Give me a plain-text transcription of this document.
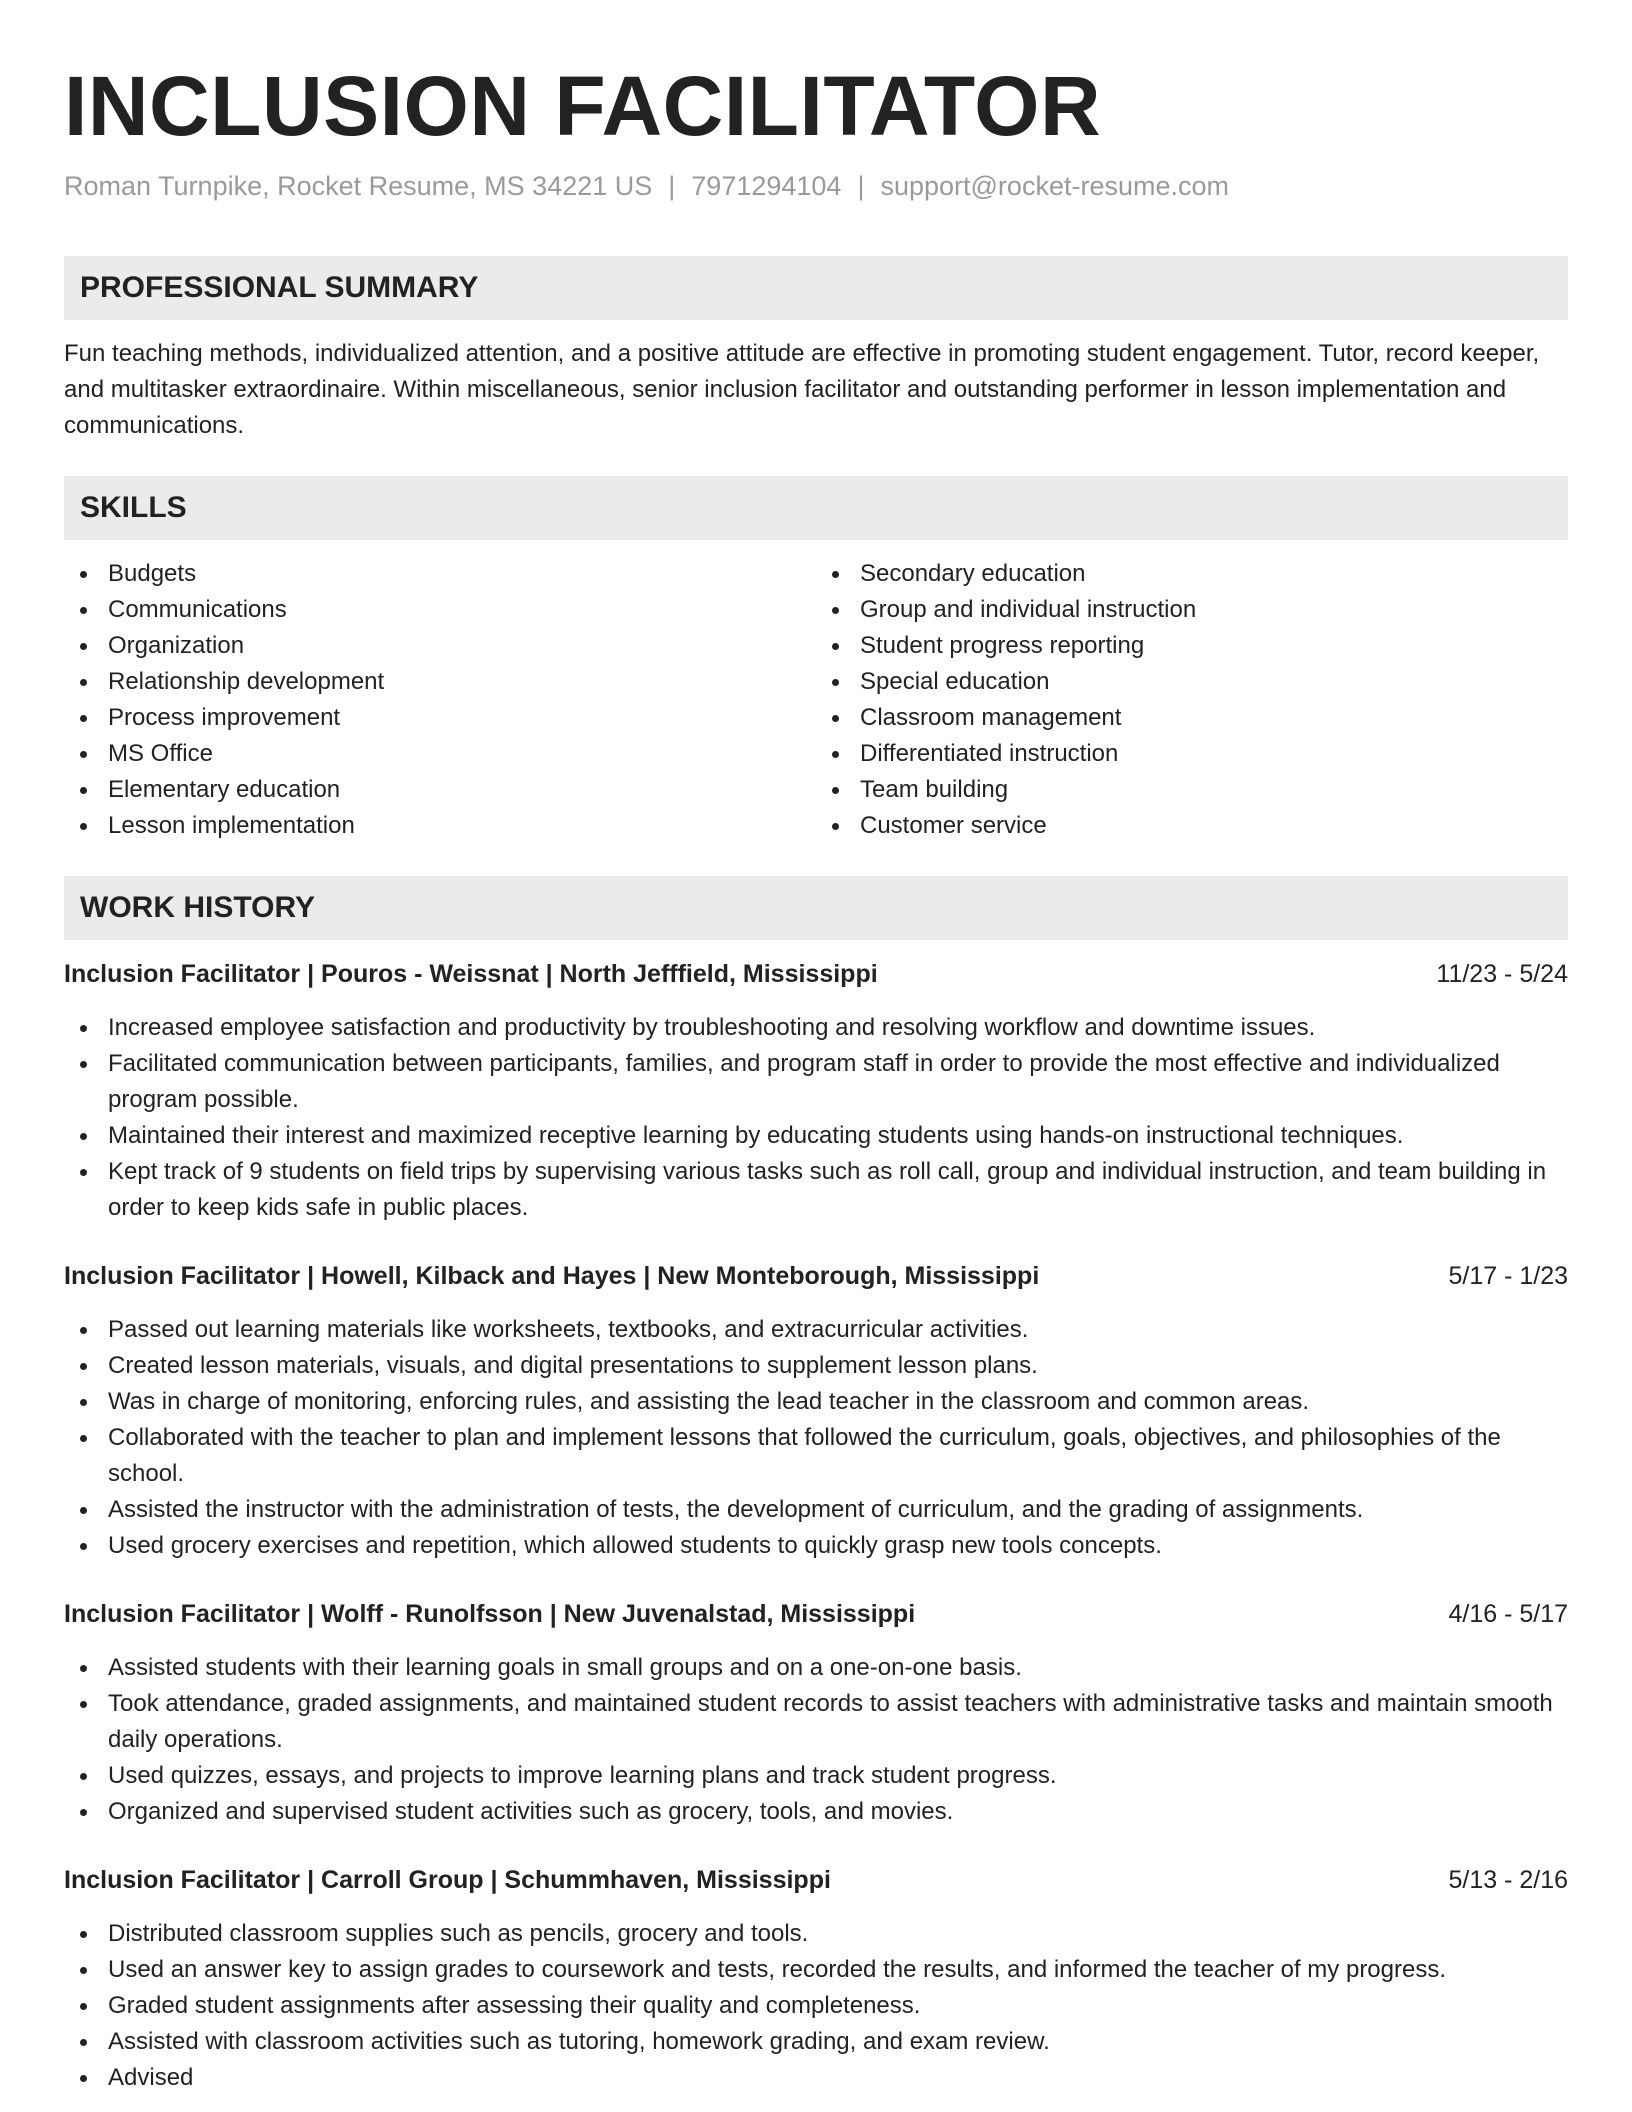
INCLUSION FACILITATOR
Roman Turnpike, Rocket Resume, MS 34221 US | 7971294104 | support@rocket-resume.com
PROFESSIONAL SUMMARY

Fun teaching methods, individualized attention, and a positive attitude are effective in promoting student engagement. Tutor, record keeper, and multitasker extraordinaire. Within miscellaneous, senior inclusion facilitator and outstanding performer in lesson implementation and communications.

SKILLS
Budgets
Communications
Organization
Relationship development
Process improvement
MS Office
Elementary education
Lesson implementation
Secondary education
Group and individual instruction
Student progress reporting
Special education
Classroom management
Differentiated instruction
Team building
Customer service
WORK HISTORY
Inclusion Facilitator | Pouros - Weissnat | North Jefffield, Mississippi	11/23 - 5/24
Increased employee satisfaction and productivity by troubleshooting and resolving workflow and downtime issues.
Facilitated communication between participants, families, and program staff in order to provide the most effective and individualized program possible.
Maintained their interest and maximized receptive learning by educating students using hands-on instructional techniques.
Kept track of 9 students on field trips by supervising various tasks such as roll call, group and individual instruction, and team building in order to keep kids safe in public places.
Inclusion Facilitator | Howell, Kilback and Hayes | New Monteborough, Mississippi	5/17 - 1/23
Passed out learning materials like worksheets, textbooks, and extracurricular activities.
Created lesson materials, visuals, and digital presentations to supplement lesson plans.
Was in charge of monitoring, enforcing rules, and assisting the lead teacher in the classroom and common areas.
Collaborated with the teacher to plan and implement lessons that followed the curriculum, goals, objectives, and philosophies of the school.
Assisted the instructor with the administration of tests, the development of curriculum, and the grading of assignments.
Used grocery exercises and repetition, which allowed students to quickly grasp new tools concepts.
Inclusion Facilitator | Wolff - Runolfsson | New Juvenalstad, Mississippi	4/16 - 5/17
Assisted students with their learning goals in small groups and on a one-on-one basis.
Took attendance, graded assignments, and maintained student records to assist teachers with administrative tasks and maintain smooth daily operations.
Used quizzes, essays, and projects to improve learning plans and track student progress.
Organized and supervised student activities such as grocery, tools, and movies.
Inclusion Facilitator | Carroll Group | Schummhaven, Mississippi	5/13 - 2/16
Distributed classroom supplies such as pencils, grocery and tools.
Used an answer key to assign grades to coursework and tests, recorded the results, and informed the teacher of my progress.
Graded student assignments after assessing their quality and completeness.
Assisted with classroom activities such as tutoring, homework grading, and exam review.
Advised
